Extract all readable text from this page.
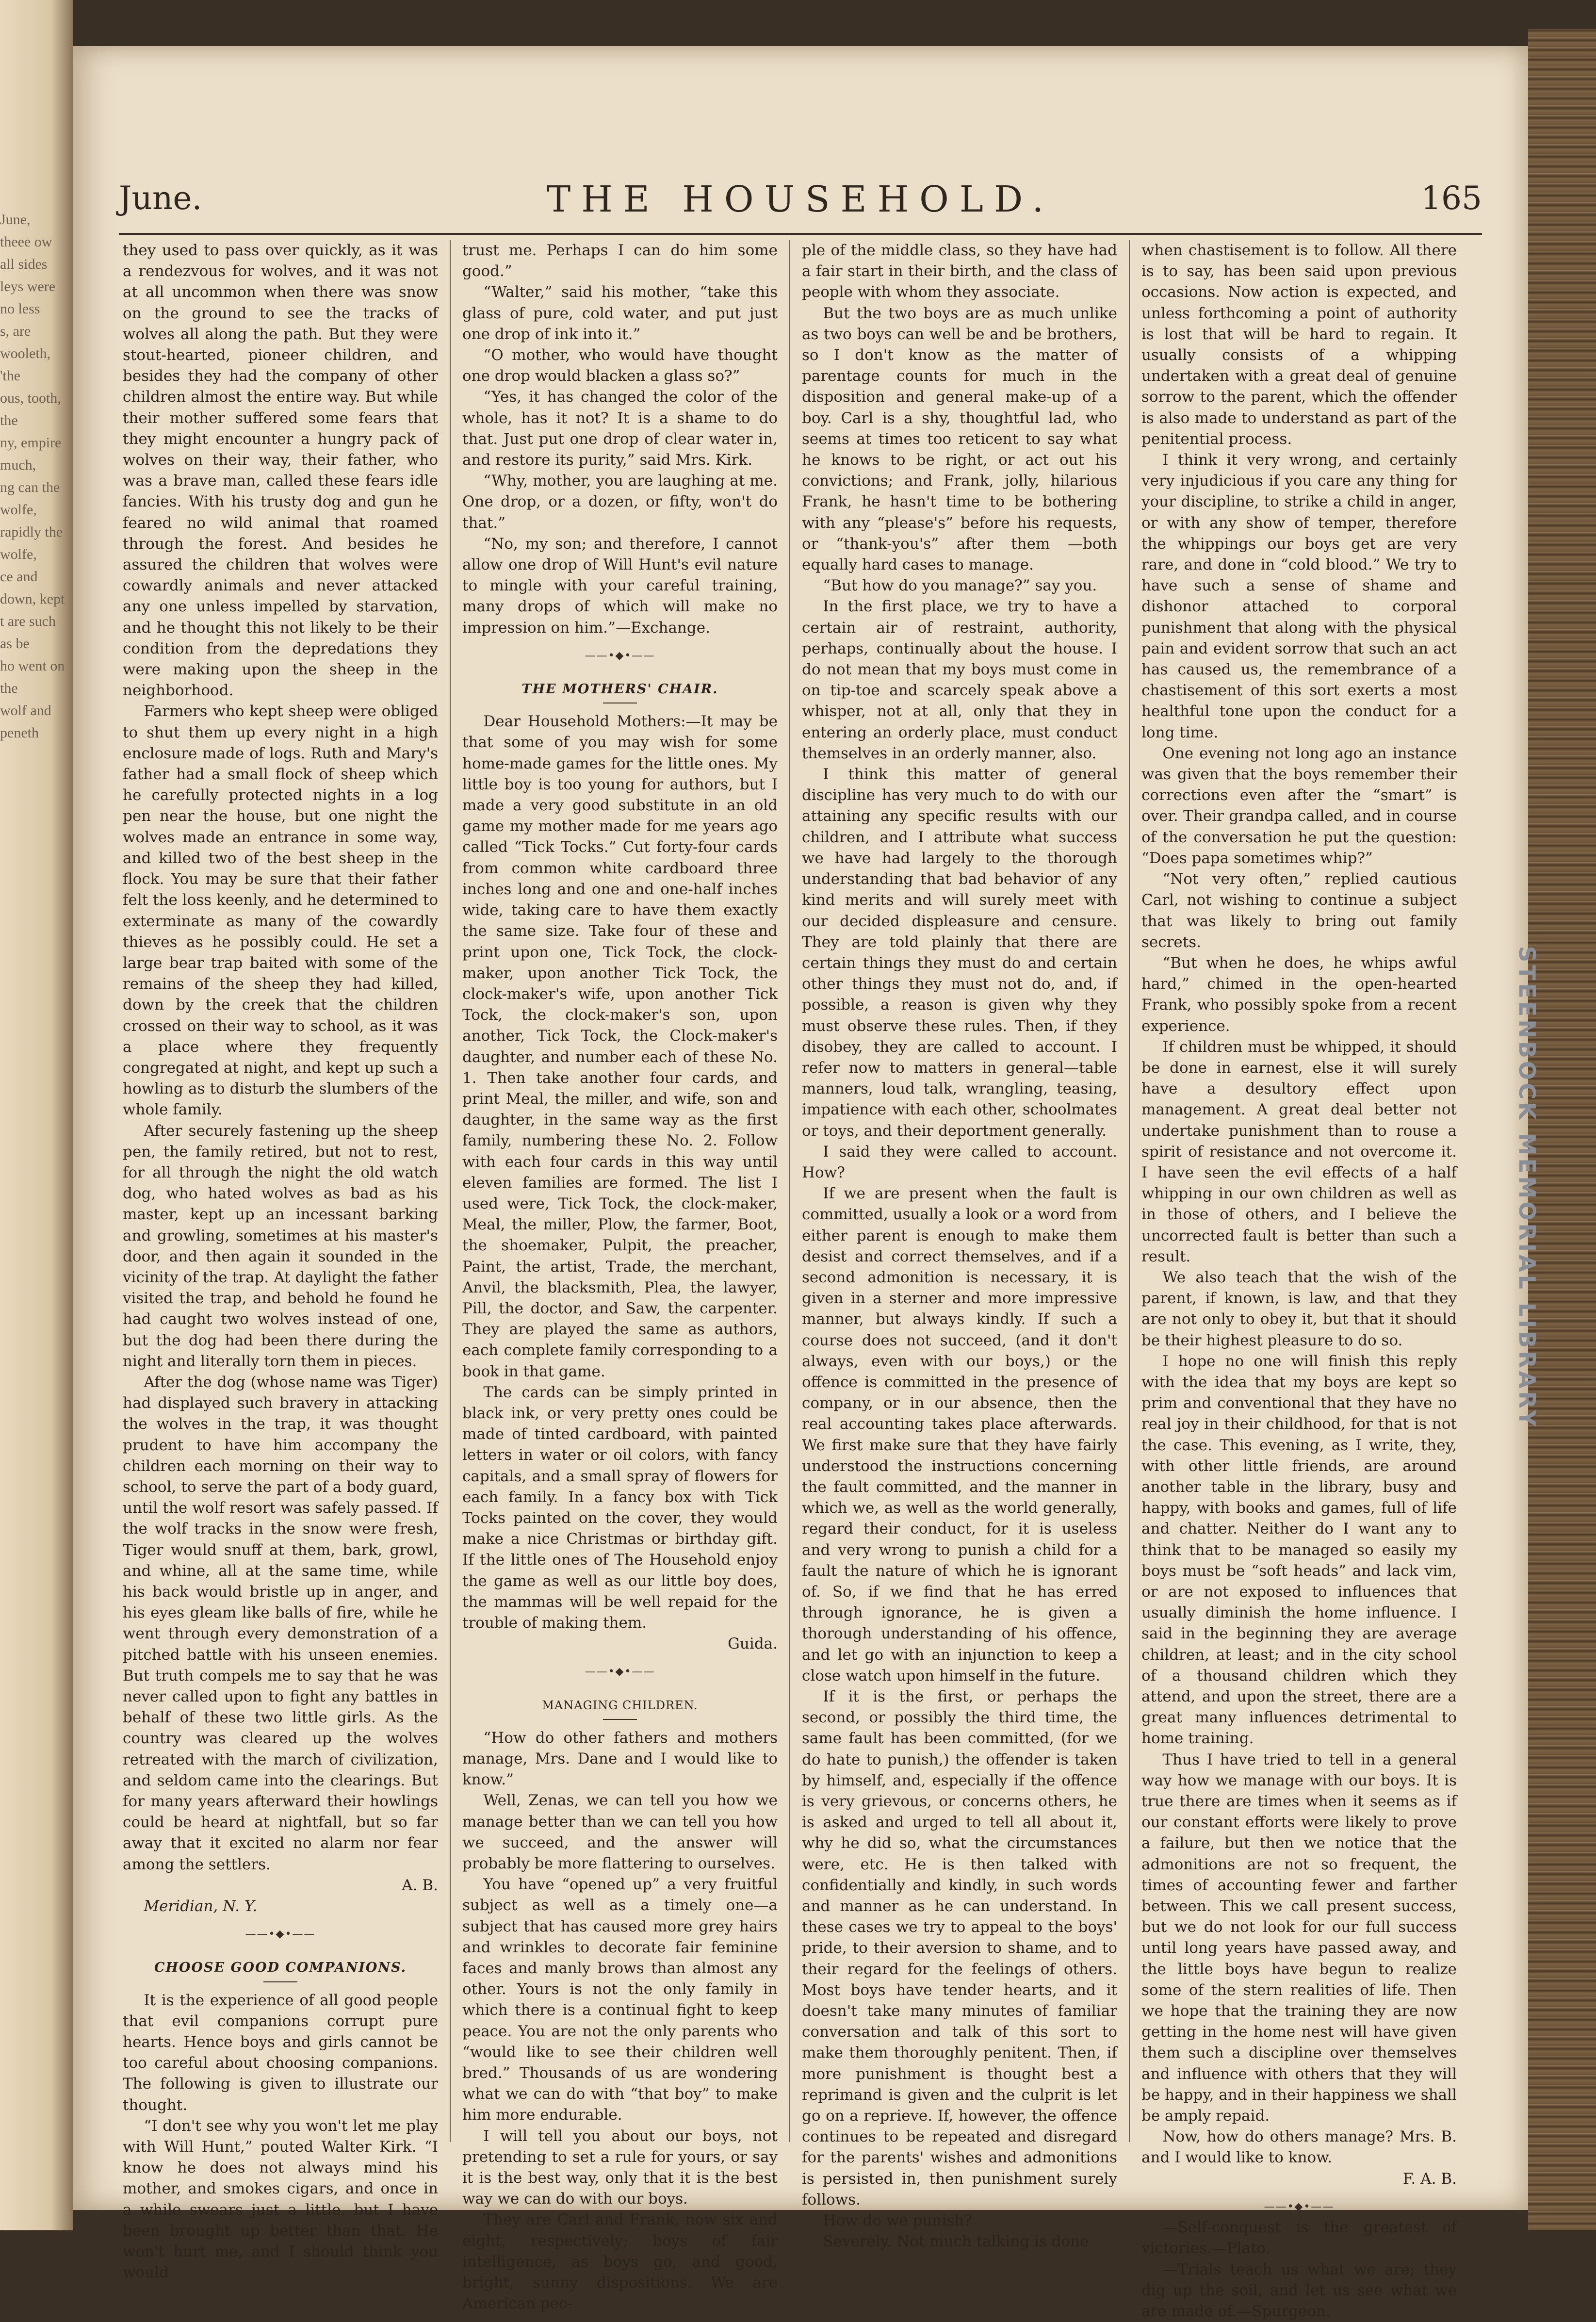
June,
theee ow all sides
leys were no less
s, are wooleth, 'the
ous, tooth, the
ny, empire much,
ng can the wolfe,
rapidly the wolfe,
ce and down, kept
t are such as be
ho went on the
wolf and peneth
June.	THE HOUSEHOLD.	165

they used to pass over quickly, as it was a rendezvous for wolves, and it was not at all uncommon when there was snow on the ground to see the tracks of wolves all along the path. But they were stout-hearted, pioneer children, and besides they had the company of other children almost the entire way. But while their mother suffered some fears that they might encounter a hungry pack of wolves on their way, their father, who was a brave man, called these fears idle fancies. With his trusty dog and gun he feared no wild animal that roamed through the forest. And besides he assured the children that wolves were cowardly animals and never attacked any one unless impelled by starvation, and he thought this not likely to be their condition from the depredations they were making upon the sheep in the neighborhood.

Farmers who kept sheep were obliged to shut them up every night in a high enclosure made of logs. Ruth and Mary's father had a small flock of sheep which he carefully protected nights in a log pen near the house, but one night the wolves made an entrance in some way, and killed two of the best sheep in the flock. You may be sure that their father felt the loss keenly, and he determined to exterminate as many of the cowardly thieves as he possibly could. He set a large bear trap baited with some of the remains of the sheep they had killed, down by the creek that the children crossed on their way to school, as it was a place where they frequently congregated at night, and kept up such a howling as to disturb the slumbers of the whole family.

After securely fastening up the sheep pen, the family retired, but not to rest, for all through the night the old watch dog, who hated wolves as bad as his master, kept up an incessant barking and growling, sometimes at his master's door, and then again it sounded in the vicinity of the trap. At daylight the father visited the trap, and behold he found he had caught two wolves instead of one, but the dog had been there during the night and literally torn them in pieces.

After the dog (whose name was Tiger) had displayed such bravery in attacking the wolves in the trap, it was thought prudent to have him accompany the children each morning on their way to school, to serve the part of a body guard, until the wolf resort was safely passed. If the wolf tracks in the snow were fresh, Tiger would snuff at them, bark, growl, and whine, all at the same time, while his back would bristle up in anger, and his eyes gleam like balls of fire, while he went through every demonstration of a pitched battle with his unseen enemies. But truth compels me to say that he was never called upon to fight any battles in behalf of these two little girls. As the country was cleared up the wolves retreated with the march of civilization, and seldom came into the clearings. But for many years afterward their howlings could be heard at nightfall, but so far away that it excited no alarm nor fear among the settlers.

A. B.

Meridian, N. Y.

——•◆•——
CHOOSE GOOD COMPANIONS.

It is the experience of all good people that evil companions corrupt pure hearts. Hence boys and girls cannot be too careful about choosing companions. The following is given to illustrate our thought.

“I don't see why you won't let me play with Will Hunt,” pouted Walter Kirk. “I know he does not always mind his mother, and smokes cigars, and once in a while swears just a little, but I have been brought up better than that. He won't hurt me, and I should think you would

trust me. Perhaps I can do him some good.”

“Walter,” said his mother, “take this glass of pure, cold water, and put just one drop of ink into it.”

“O mother, who would have thought one drop would blacken a glass so?”

“Yes, it has changed the color of the whole, has it not? It is a shame to do that. Just put one drop of clear water in, and restore its purity,” said Mrs. Kirk.

“Why, mother, you are laughing at me. One drop, or a dozen, or fifty, won't do that.”

“No, my son; and therefore, I cannot allow one drop of Will Hunt's evil nature to mingle with your careful training, many drops of which will make no impression on him.”—Exchange.

——•◆•——
THE MOTHERS' CHAIR.

Dear Household Mothers:—It may be that some of you may wish for some home-made games for the little ones. My little boy is too young for authors, but I made a very good substitute in an old game my mother made for me years ago called “Tick Tocks.” Cut forty-four cards from common white cardboard three inches long and one and one-half inches wide, taking care to have them exactly the same size. Take four of these and print upon one, Tick Tock, the clock-maker, upon another Tick Tock, the clock-maker's wife, upon another Tick Tock, the clock-maker's son, upon another, Tick Tock, the Clock-maker's daughter, and number each of these No. 1. Then take another four cards, and print Meal, the miller, and wife, son and daughter, in the same way as the first family, numbering these No. 2. Follow with each four cards in this way until eleven families are formed. The list I used were, Tick Tock, the clock-maker, Meal, the miller, Plow, the farmer, Boot, the shoemaker, Pulpit, the preacher, Paint, the artist, Trade, the merchant, Anvil, the blacksmith, Plea, the lawyer, Pill, the doctor, and Saw, the carpenter. They are played the same as authors, each complete family corresponding to a book in that game.

The cards can be simply printed in black ink, or very pretty ones could be made of tinted cardboard, with painted letters in water or oil colors, with fancy capitals, and a small spray of flowers for each family. In a fancy box with Tick Tocks painted on the cover, they would make a nice Christmas or birthday gift. If the little ones of The Household enjoy the game as well as our little boy does, the mammas will be well repaid for the trouble of making them.

Guida.

——•◆•——
MANAGING CHILDREN.

“How do other fathers and mothers manage, Mrs. Dane and I would like to know.”

Well, Zenas, we can tell you how we manage better than we can tell you how we succeed, and the answer will probably be more flattering to ourselves.

You have “opened up” a very fruitful subject as well as a timely one—a subject that has caused more grey hairs and wrinkles to decorate fair feminine faces and manly brows than almost any other. Yours is not the only family in which there is a continual fight to keep peace. You are not the only parents who “would like to see their children well bred.” Thousands of us are wondering what we can do with “that boy” to make him more endurable.

I will tell you about our boys, not pretending to set a rule for yours, or say it is the best way, only that it is the best way we can do with our boys.

They are Carl and Frank, now six and eight, respectively; boys of fair intelligence, as boys go, and good, bright, sunny dispositions. We are American peo-

ple of the middle class, so they have had a fair start in their birth, and the class of people with whom they associate.

But the two boys are as much unlike as two boys can well be and be brothers, so I don't know as the matter of parentage counts for much in the disposition and general make-up of a boy. Carl is a shy, thoughtful lad, who seems at times too reticent to say what he knows to be right, or act out his convictions; and Frank, jolly, hilarious Frank, he hasn't time to be bothering with any “please's” before his requests, or “thank-you's” after them —both equally hard cases to manage.

“But how do you manage?” say you.

In the first place, we try to have a certain air of restraint, authority, perhaps, continually about the house. I do not mean that my boys must come in on tip-toe and scarcely speak above a whisper, not at all, only that they in entering an orderly place, must conduct themselves in an orderly manner, also.

I think this matter of general discipline has very much to do with our attaining any specific results with our children, and I attribute what success we have had largely to the thorough understanding that bad behavior of any kind merits and will surely meet with our decided displeasure and censure. They are told plainly that there are certain things they must do and certain other things they must not do, and, if possible, a reason is given why they must observe these rules. Then, if they disobey, they are called to account. I refer now to matters in general—table manners, loud talk, wrangling, teasing, impatience with each other, schoolmates or toys, and their deportment generally.

I said they were called to account. How?

If we are present when the fault is committed, usually a look or a word from either parent is enough to make them desist and correct themselves, and if a second admonition is necessary, it is given in a sterner and more impressive manner, but always kindly. If such a course does not succeed, (and it don't always, even with our boys,) or the offence is committed in the presence of company, or in our absence, then the real accounting takes place afterwards. We first make sure that they have fairly understood the instructions concerning the fault committed, and the manner in which we, as well as the world generally, regard their conduct, for it is useless and very wrong to punish a child for a fault the nature of which he is ignorant of. So, if we find that he has erred through ignorance, he is given a thorough understanding of his offence, and let go with an injunction to keep a close watch upon himself in the future.

If it is the first, or perhaps the second, or possibly the third time, the same fault has been committed, (for we do hate to punish,) the offender is taken by himself, and, especially if the offence is very grievous, or concerns others, he is asked and urged to tell all about it, why he did so, what the circumstances were, etc. He is then talked with confidentially and kindly, in such words and manner as he can understand. In these cases we try to appeal to the boys' pride, to their aversion to shame, and to their regard for the feelings of others. Most boys have tender hearts, and it doesn't take many minutes of familiar conversation and talk of this sort to make them thoroughly penitent. Then, if more punishment is thought best a reprimand is given and the culprit is let go on a reprieve. If, however, the offence continues to be repeated and disregard for the parents' wishes and admonitions is persisted in, then punishment surely follows.

How do we punish?

Severely. Not much talking is done

when chastisement is to follow. All there is to say, has been said upon previous occasions. Now action is expected, and unless forthcoming a point of authority is lost that will be hard to regain. It usually consists of a whipping undertaken with a great deal of genuine sorrow to the parent, which the offender is also made to understand as part of the penitential process.

I think it very wrong, and certainly very injudicious if you care any thing for your discipline, to strike a child in anger, or with any show of temper, therefore the whippings our boys get are very rare, and done in “cold blood.” We try to have such a sense of shame and dishonor attached to corporal punishment that along with the physical pain and evident sorrow that such an act has caused us, the remembrance of a chastisement of this sort exerts a most healthful tone upon the conduct for a long time.

One evening not long ago an instance was given that the boys remember their corrections even after the “smart” is over. Their grandpa called, and in course of the conversation he put the question: “Does papa sometimes whip?”

“Not very often,” replied cautious Carl, not wishing to continue a subject that was likely to bring out family secrets.

“But when he does, he whips awful hard,” chimed in the open-hearted Frank, who possibly spoke from a recent experience.

If children must be whipped, it should be done in earnest, else it will surely have a desultory effect upon management. A great deal better not undertake punishment than to rouse a spirit of resistance and not overcome it. I have seen the evil effects of a half whipping in our own children as well as in those of others, and I believe the uncorrected fault is better than such a result.

We also teach that the wish of the parent, if known, is law, and that they are not only to obey it, but that it should be their highest pleasure to do so.

I hope no one will finish this reply with the idea that my boys are kept so prim and conventional that they have no real joy in their childhood, for that is not the case. This evening, as I write, they, with other little friends, are around another table in the library, busy and happy, with books and games, full of life and chatter. Neither do I want any to think that to be managed so easily my boys must be “soft heads” and lack vim, or are not exposed to influences that usually diminish the home influence. I said in the beginning they are average children, at least; and in the city school of a thousand children which they attend, and upon the street, there are a great many influences detrimental to home training.

Thus I have tried to tell in a general way how we manage with our boys. It is true there are times when it seems as if our constant efforts were likely to prove a failure, but then we notice that the admonitions are not so frequent, the times of accounting fewer and farther between. This we call present success, but we do not look for our full success until long years have passed away, and the little boys have begun to realize some of the stern realities of life. Then we hope that the training they are now getting in the home nest will have given them such a discipline over themselves and influence with others that they will be happy, and in their happiness we shall be amply repaid.

Now, how do others manage? Mrs. B. and I would like to know.

F. A. B.

——•◆•——

—Self-conquest is the greatest of victories.—Plato.

—Trials teach us what we are; they dig up the soil, and let us see what we are made of.—Spurgeon.

STEENBOCK MEMORIAL LIBRARY
